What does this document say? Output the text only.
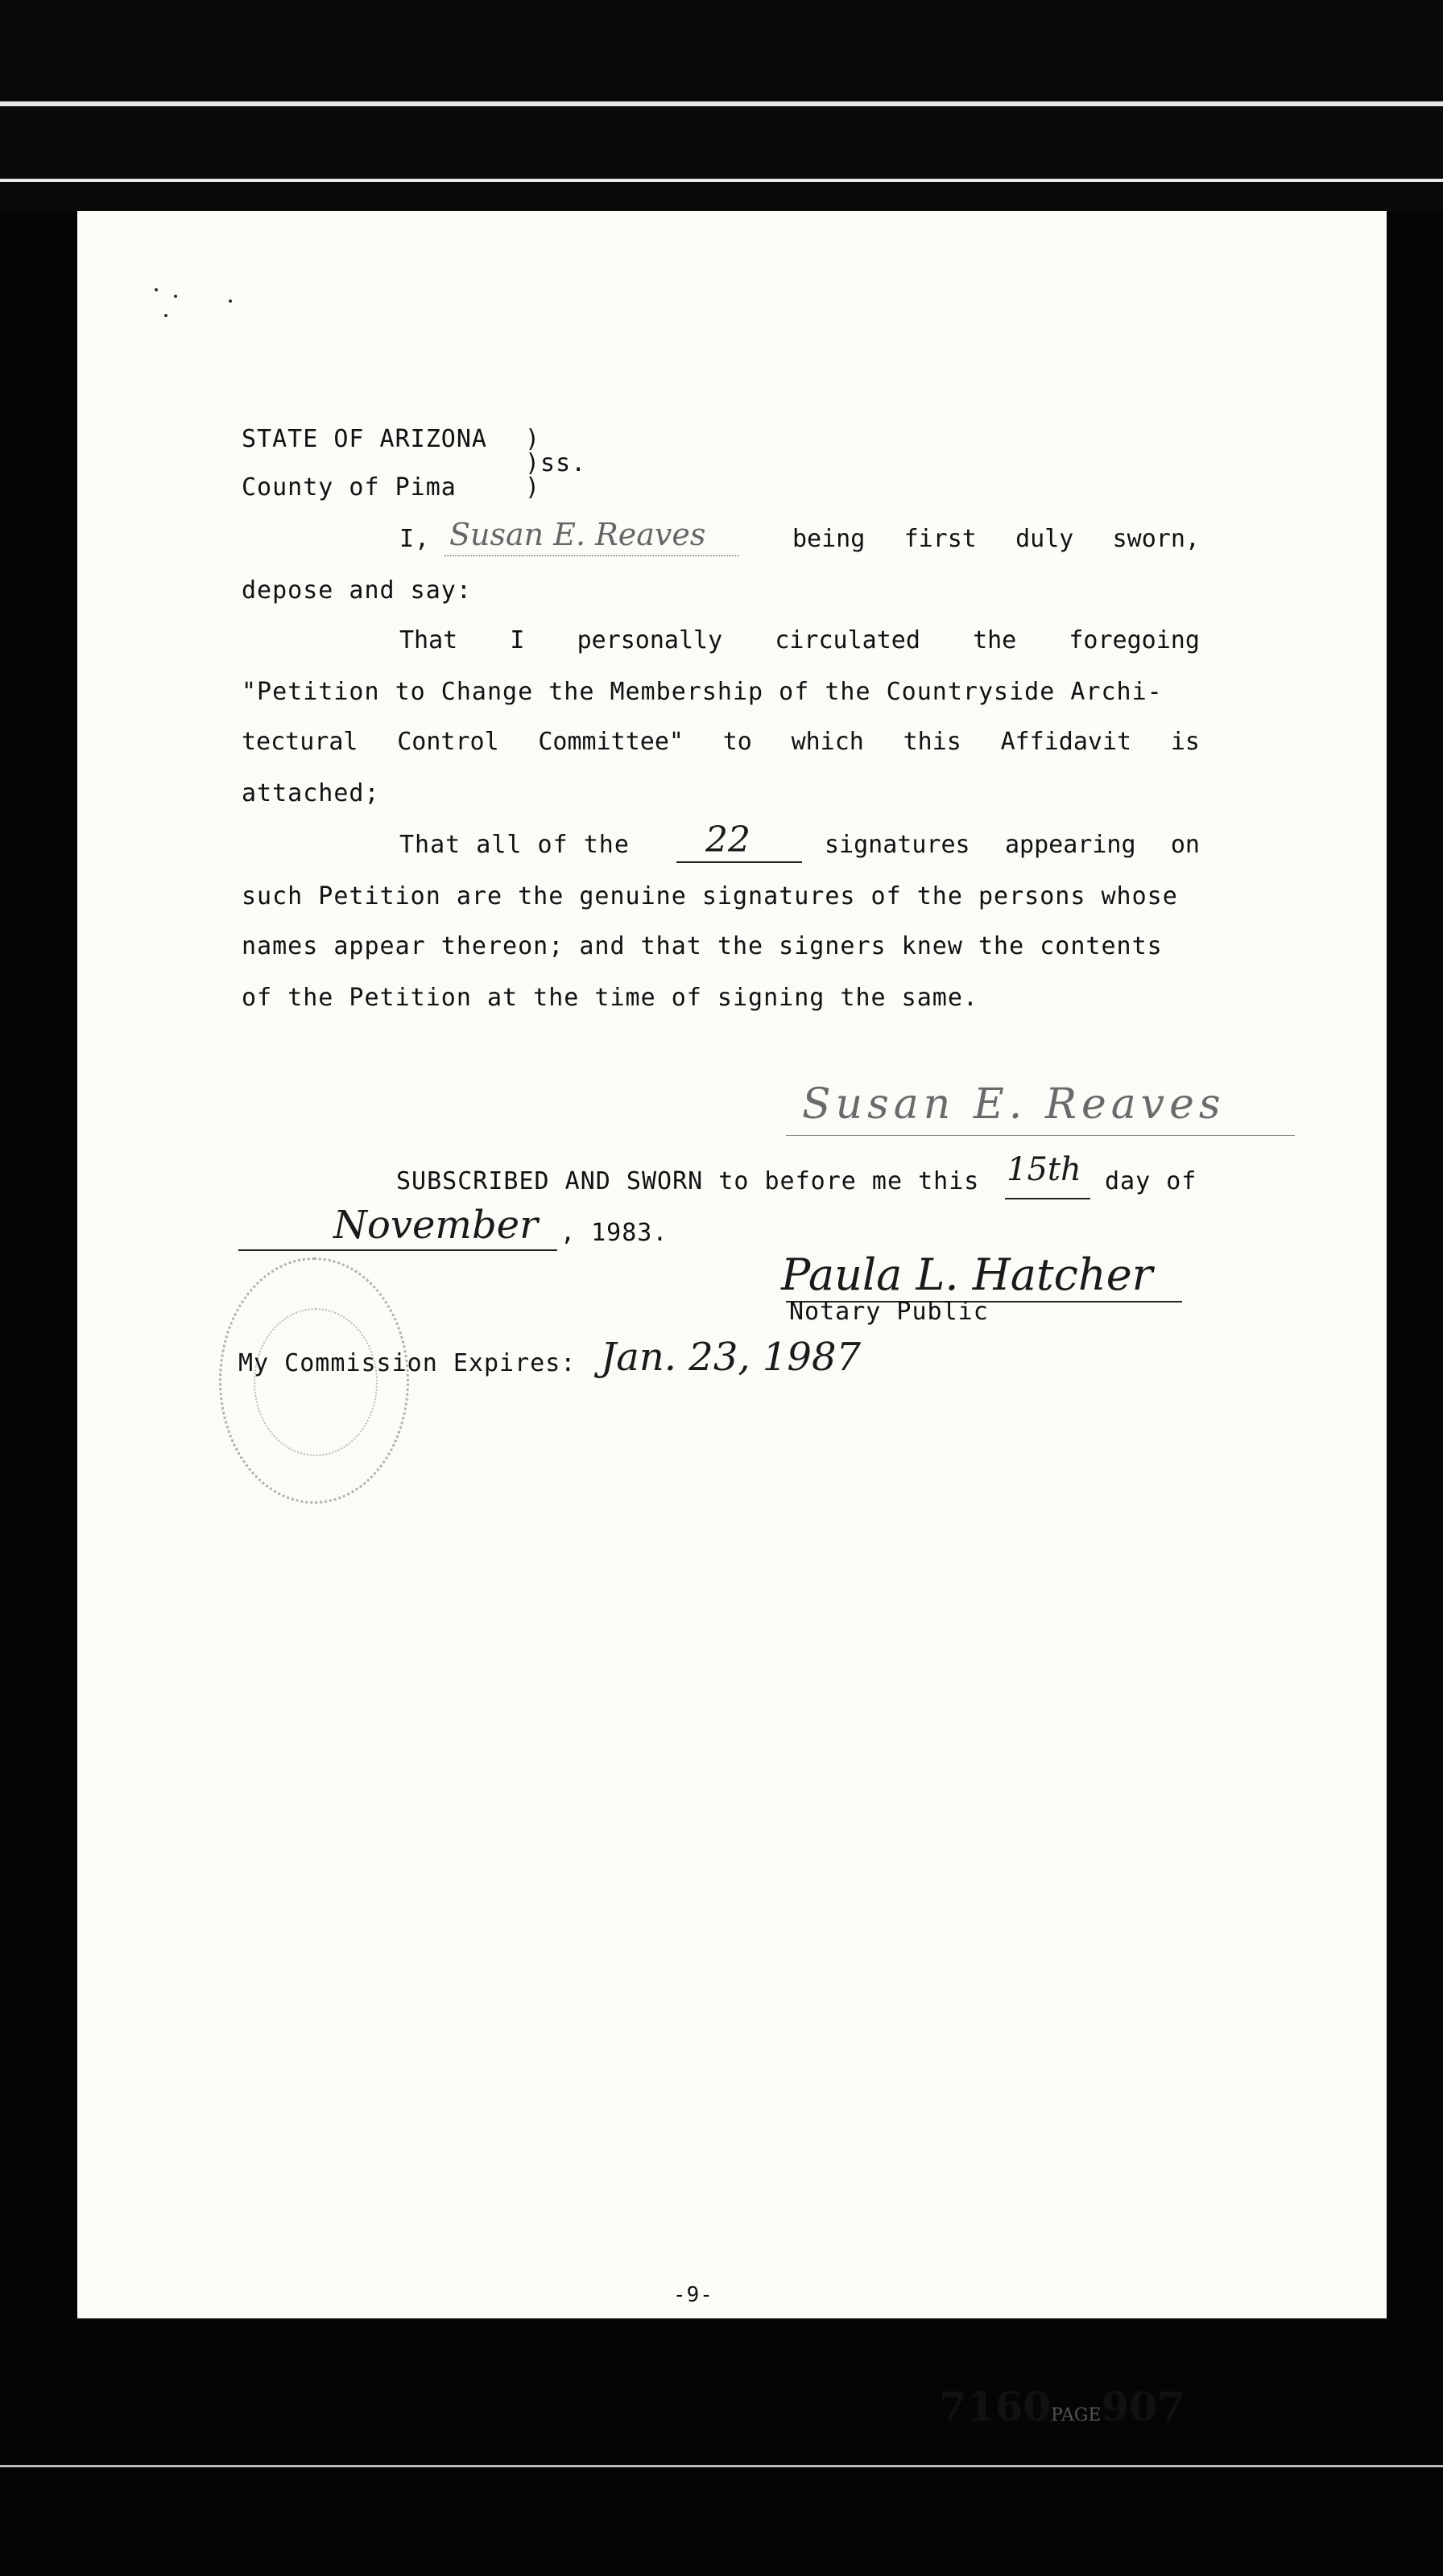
STATE OF ARIZONA )
)ss.
County of Pima	)
I, Susan E. Reaves	being first duly sworn,
depose and say:
That I personally circulated the foregoing
"Petition to Change the Membership of the Countryside Archi-
tectural Control Committee" to which this Affidavit is
attached;
That all of the 22	signatures appearing on
such Petition are the genuine signatures of the persons whose
names appear thereon; and that the signers knew the contents
of the Petition at the time of signing the same.
Susan E. Reaves
SUBSCRIBED AND SWORN to before me this 15th day of
November , 1983.
Paula L. Hatcher
Notary Public
My Commission Expires: Jan. 23, 1987
7160PAGE907
-9-
